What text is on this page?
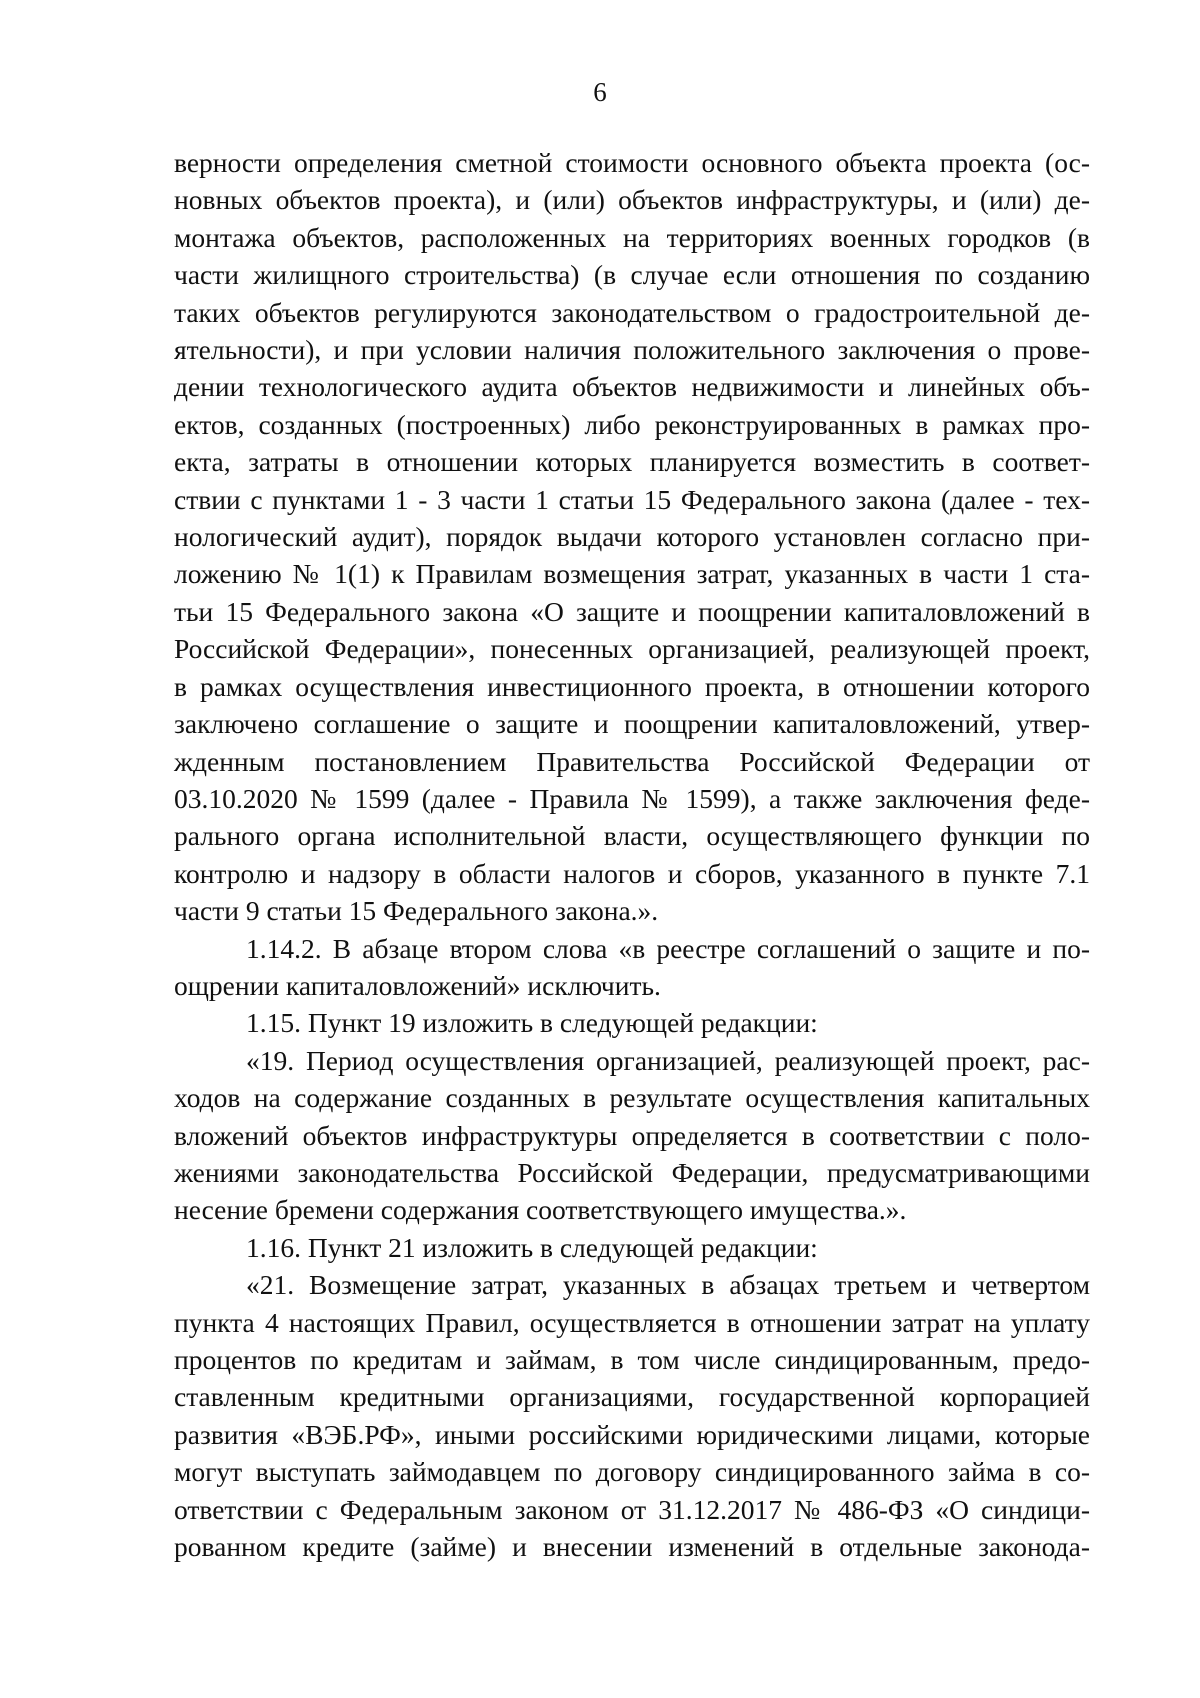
6
верности определения сметной стоимости основного объекта проекта (ос-
новных объектов проекта), и (или) объектов инфраструктуры, и (или) де-
монтажа объектов, расположенных на территориях военных городков (в
части жилищного строительства) (в случае если отношения по созданию
таких объектов регулируются законодательством о градостроительной де-
ятельности), и при условии наличия положительного заключения о прове-
дении технологического аудита объектов недвижимости и линейных объ-
ектов, созданных (построенных) либо реконструированных в рамках про-
екта, затраты в отношении которых планируется возместить в соответ-
ствии с пунктами 1 - 3 части 1 статьи 15 Федерального закона (далее - тех-
нологический аудит), порядок выдачи которого установлен согласно при-
ложению № 1(1) к Правилам возмещения затрат, указанных в части 1 ста-
тьи 15 Федерального закона «О защите и поощрении капиталовложений в
Российской Федерации», понесенных организацией, реализующей проект,
в рамках осуществления инвестиционного проекта, в отношении которого
заключено соглашение о защите и поощрении капиталовложений, утвер-
жденным постановлением Правительства Российской Федерации от
03.10.2020 № 1599 (далее - Правила № 1599), а также заключения феде-
рального органа исполнительной власти, осуществляющего функции по
контролю и надзору в области налогов и сборов, указанного в пункте 7.1
части 9 статьи 15 Федерального закона.».
1.14.2. В абзаце втором слова «в реестре соглашений о защите и по-
ощрении капиталовложений» исключить.
1.15. Пункт 19 изложить в следующей редакции:
«19. Период осуществления организацией, реализующей проект, рас-
ходов на содержание созданных в результате осуществления капитальных
вложений объектов инфраструктуры определяется в соответствии с поло-
жениями законодательства Российской Федерации, предусматривающими
несение бремени содержания соответствующего имущества.».
1.16. Пункт 21 изложить в следующей редакции:
«21. Возмещение затрат, указанных в абзацах третьем и четвертом
пункта 4 настоящих Правил, осуществляется в отношении затрат на уплату
процентов по кредитам и займам, в том числе синдицированным, предо-
ставленным кредитными организациями, государственной корпорацией
развития «ВЭБ.РФ», иными российскими юридическими лицами, которые
могут выступать займодавцем по договору синдицированного займа в со-
ответствии с Федеральным законом от 31.12.2017 № 486-ФЗ «О синдици-
рованном кредите (займе) и внесении изменений в отдельные законода-
